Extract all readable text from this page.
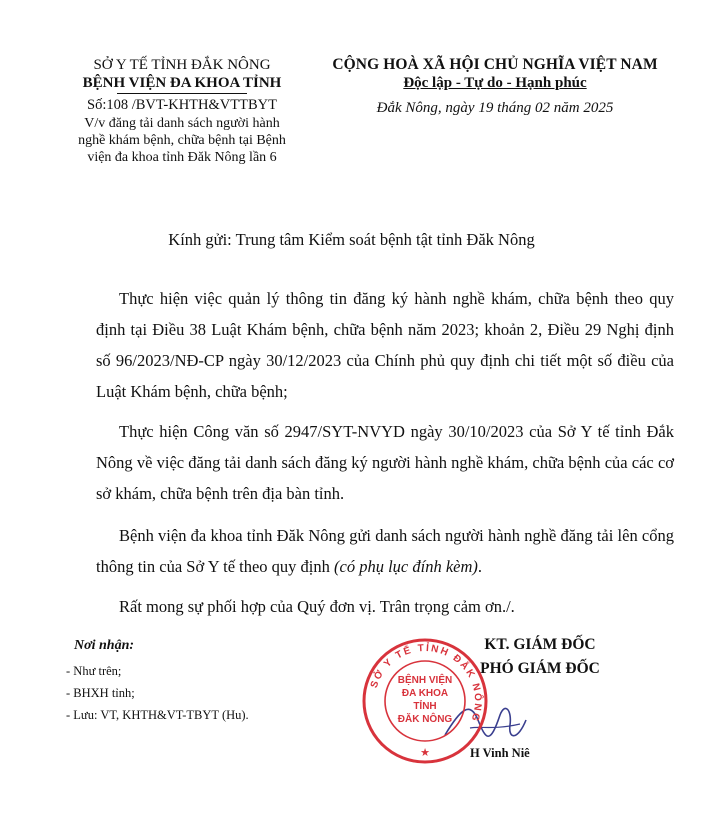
SỞ Y TẾ TỈNH ĐẮK NÔNG
BỆNH VIỆN ĐA KHOA TỈNH
Số:108 /BVT-KHTH&VTTBYT
V/v đăng tải danh sách người hành
nghề khám bệnh, chữa bệnh tại Bệnh
viện đa khoa tỉnh Đăk Nông lần 6
CỘNG HOÀ XÃ HỘI CHỦ NGHĨA VIỆT NAM
Độc lập - Tự do - Hạnh phúc
Đắk Nông, ngày 19 tháng 02 năm 2025
Kính gửi: Trung tâm Kiểm soát bệnh tật tỉnh Đăk Nông

Thực hiện việc quản lý thông tin đăng ký hành nghề khám, chữa bệnh theo quy định tại Điều 38 Luật Khám bệnh, chữa bệnh năm 2023; khoản 2, Điều 29 Nghị định số 96/2023/NĐ-CP ngày 30/12/2023 của Chính phủ quy định chi tiết một số điều của Luật Khám bệnh, chữa bệnh;

Thực hiện Công văn số 2947/SYT-NVYD ngày 30/10/2023 của Sở Y tế tỉnh Đắk Nông về việc đăng tải danh sách đăng ký người hành nghề khám, chữa bệnh của các cơ sở khám, chữa bệnh trên địa bàn tỉnh.

Bệnh viện đa khoa tỉnh Đăk Nông gửi danh sách người hành nghề đăng tải lên cổng thông tin của Sở Y tế theo quy định (có phụ lục đính kèm).

Rất mong sự phối hợp của Quý đơn vị. Trân trọng cảm ơn./.

Nơi nhận:
- Như trên;
- BHXH tỉnh;
- Lưu: VT, KHTH&VT-TBYT (Hu).
KT. GIÁM ĐỐC
PHÓ GIÁM ĐỐC
SỞ Y TẾ TỈNH ĐẮK NÔNG
BỆNH VIỆN
ĐA KHOA
TỈNH
ĐĂK NÔNG
★	H Vinh Niê
